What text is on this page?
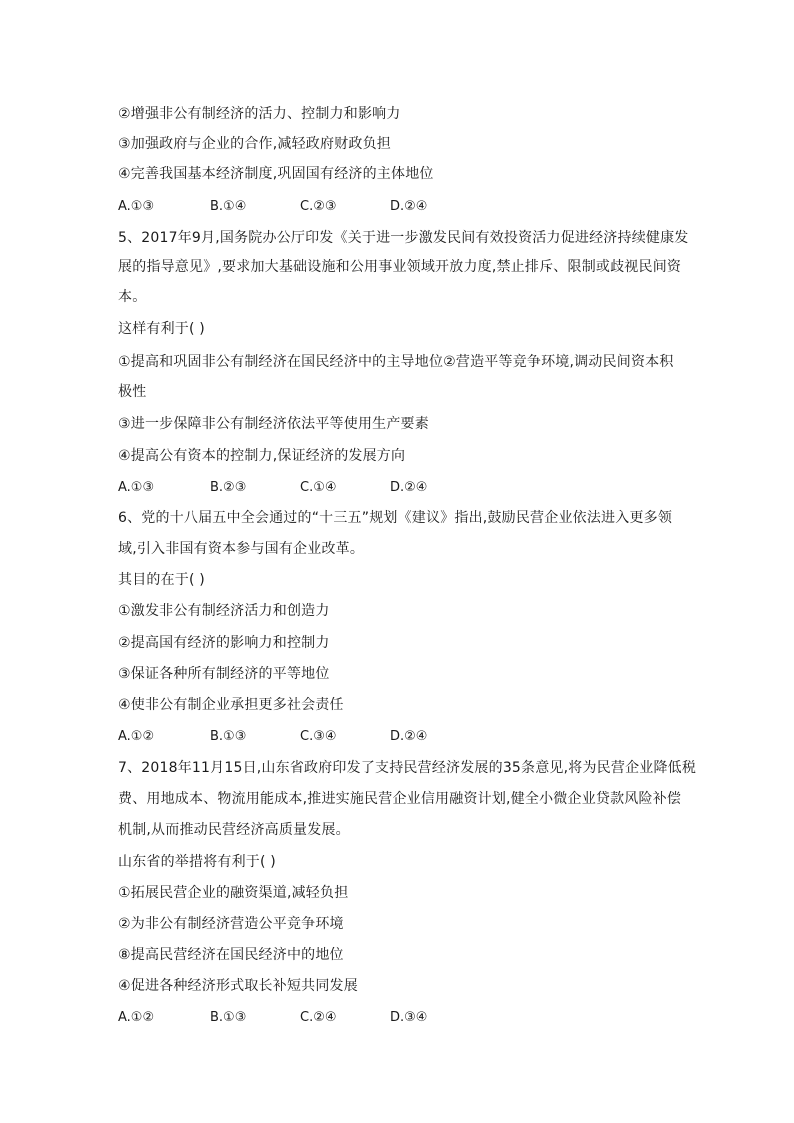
②增强非公有制经济的活力、控制力和影响力
③加强政府与企业的合作,减轻政府财政负担
④完善我国基本经济制度,巩固国有经济的主体地位
A.①③	B.①④	C.②③	D.②④
5、2017年9月,国务院办公厅印发《关于进一步激发民间有效投资活力促进经济持续健康发
展的指导意见》,要求加大基础设施和公用事业领域开放力度,禁止排斥、限制或歧视民间资
本。
这样有利于( )
①提高和巩固非公有制经济在国民经济中的主导地位②营造平等竞争环境,调动民间资本积
极性
③进一步保障非公有制经济依法平等使用生产要素
④提高公有资本的控制力,保证经济的发展方向
A.①③	B.②③	C.①④	D.②④
6、党的十八届五中全会通过的“十三五”规划《建议》指出,鼓励民营企业依法进入更多领
域,引入非国有资本参与国有企业改革。
其目的在于( )
①激发非公有制经济活力和创造力
②提高国有经济的影响力和控制力
③保证各种所有制经济的平等地位
④使非公有制企业承担更多社会责任
A.①②	B.①③	C.③④	D.②④
7、2018年11月15日,山东省政府印发了支持民营经济发展的35条意见,将为民营企业降低税
费、用地成本、物流用能成本,推进实施民营企业信用融资计划,健全小微企业贷款风险补偿
机制,从而推动民营经济高质量发展。
山东省的举措将有利于( )
①拓展民营企业的融资渠道,减轻负担
②为非公有制经济营造公平竞争环境
⑧提高民营经济在国民经济中的地位
④促进各种经济形式取长补短共同发展
A.①②	B.①③	C.②④	D.③④
